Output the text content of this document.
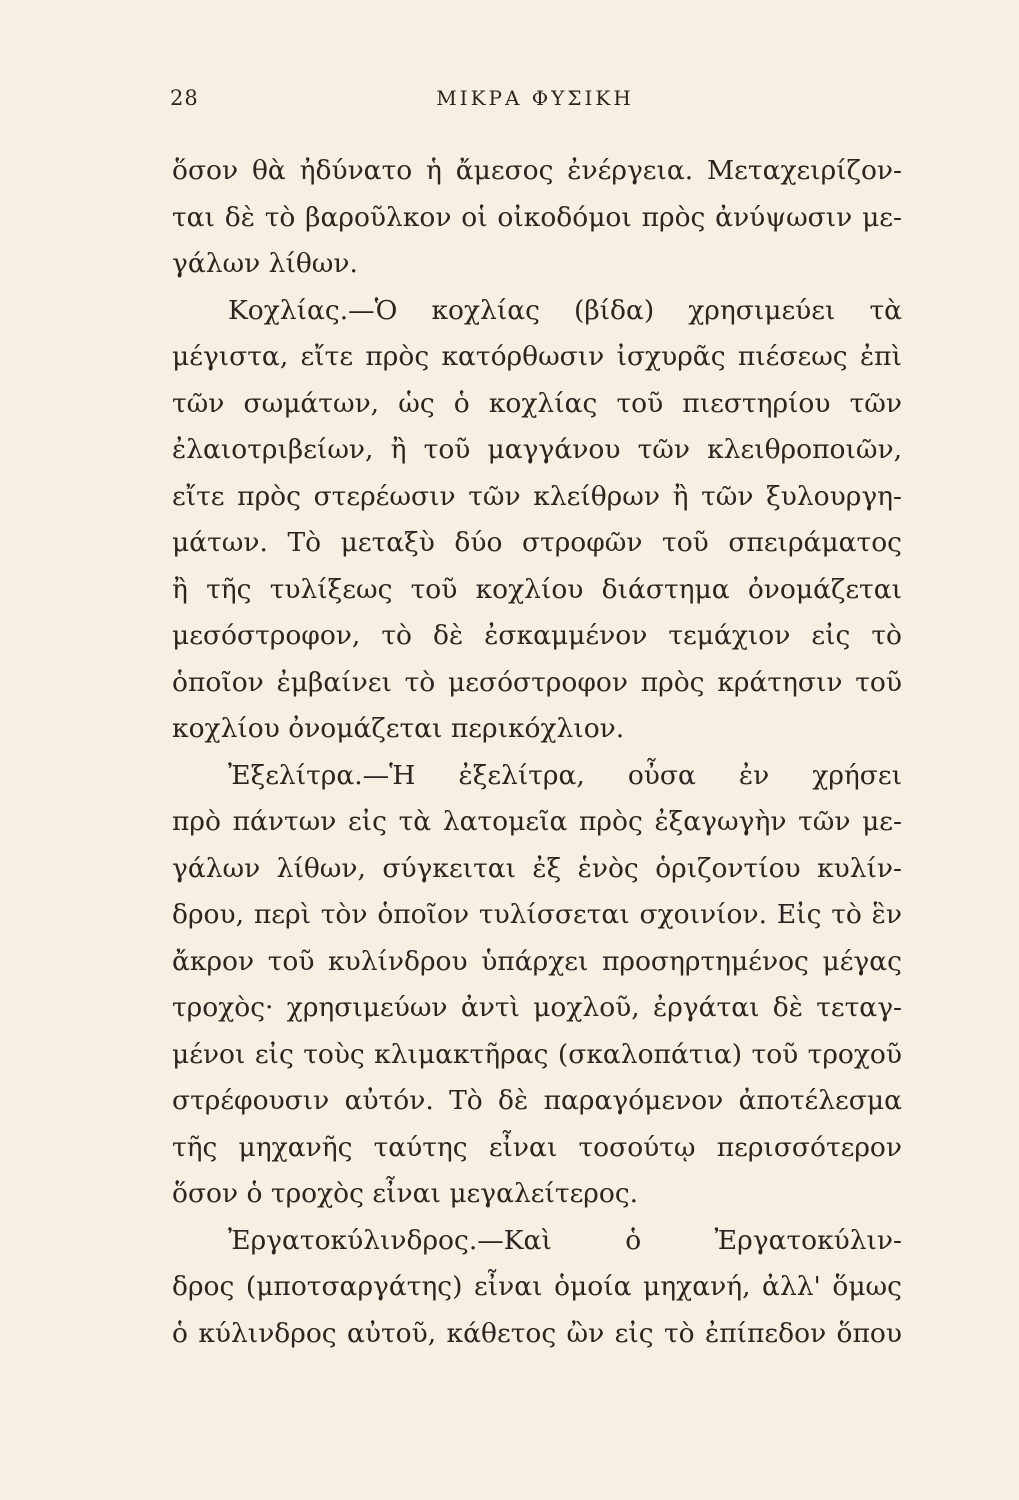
28	ΜΙΚΡΑ ΦΥΣΙΚΗ
ὅσον θὰ ἠδύνατο ἡ ἄμεσος ἐνέργεια. Μεταχειρίζον-
ται δὲ τὸ βαροῦλκον οἱ οἰκοδόμοι πρὸς ἀνύψωσιν με-
γάλων λίθων.
Κοχλίας.—Ὁ κοχλίας (βίδα) χρησιμεύει τὰ
μέγιστα, εἴτε πρὸς κατόρθωσιν ἰσχυρᾶς πιέσεως ἐπὶ
τῶν σωμάτων, ὡς ὁ κοχλίας τοῦ πιεστηρίου τῶν
ἐλαιοτριβείων, ἢ τοῦ μαγγάνου τῶν κλειθροποιῶν,
εἴτε πρὸς στερέωσιν τῶν κλείθρων ἢ τῶν ξυλουργη-
μάτων. Τὸ μεταξὺ δύο στροφῶν τοῦ σπειράματος
ἢ τῆς τυλίξεως τοῦ κοχλίου διάστημα ὀνομάζεται
μεσόστροφον, τὸ δὲ ἐσκαμμένον τεμάχιον εἰς τὸ
ὁποῖον ἐμβαίνει τὸ μεσόστροφον πρὸς κράτησιν τοῦ
κοχλίου ὀνομάζεται περικόχλιον.
Ἐξελίτρα.—Ἡ ἐξελίτρα, οὖσα ἐν χρήσει
πρὸ πάντων εἰς τὰ λατομεῖα πρὸς ἐξαγωγὴν τῶν με-
γάλων λίθων, σύγκειται ἐξ ἑνὸς ὁριζοντίου κυλίν-
δρου, περὶ τὸν ὁποῖον τυλίσσεται σχοινίον. Εἰς τὸ ἓν
ἄκρον τοῦ κυλίνδρου ὑπάρχει προσηρτημένος μέγας
τροχὸς· χρησιμεύων ἀντὶ μοχλοῦ, ἐργάται δὲ τεταγ-
μένοι εἰς τοὺς κλιμακτῆρας (σκαλοπάτια) τοῦ τροχοῦ
στρέφουσιν αὐτόν. Τὸ δὲ παραγόμενον ἀποτέλεσμα
τῆς μηχανῆς ταύτης εἶναι τοσούτῳ περισσότερον
ὅσον ὁ τροχὸς εἶναι μεγαλείτερος.
Ἐργατοκύλινδρος.—Καὶ ὁ Ἐργατοκύλιν-
δρος (μποτσαργάτης) εἶναι ὁμοία μηχανή, ἀλλ' ὅμως
ὁ κύλινδρος αὐτοῦ, κάθετος ὢν εἰς τὸ ἐπίπεδον ὅπου
